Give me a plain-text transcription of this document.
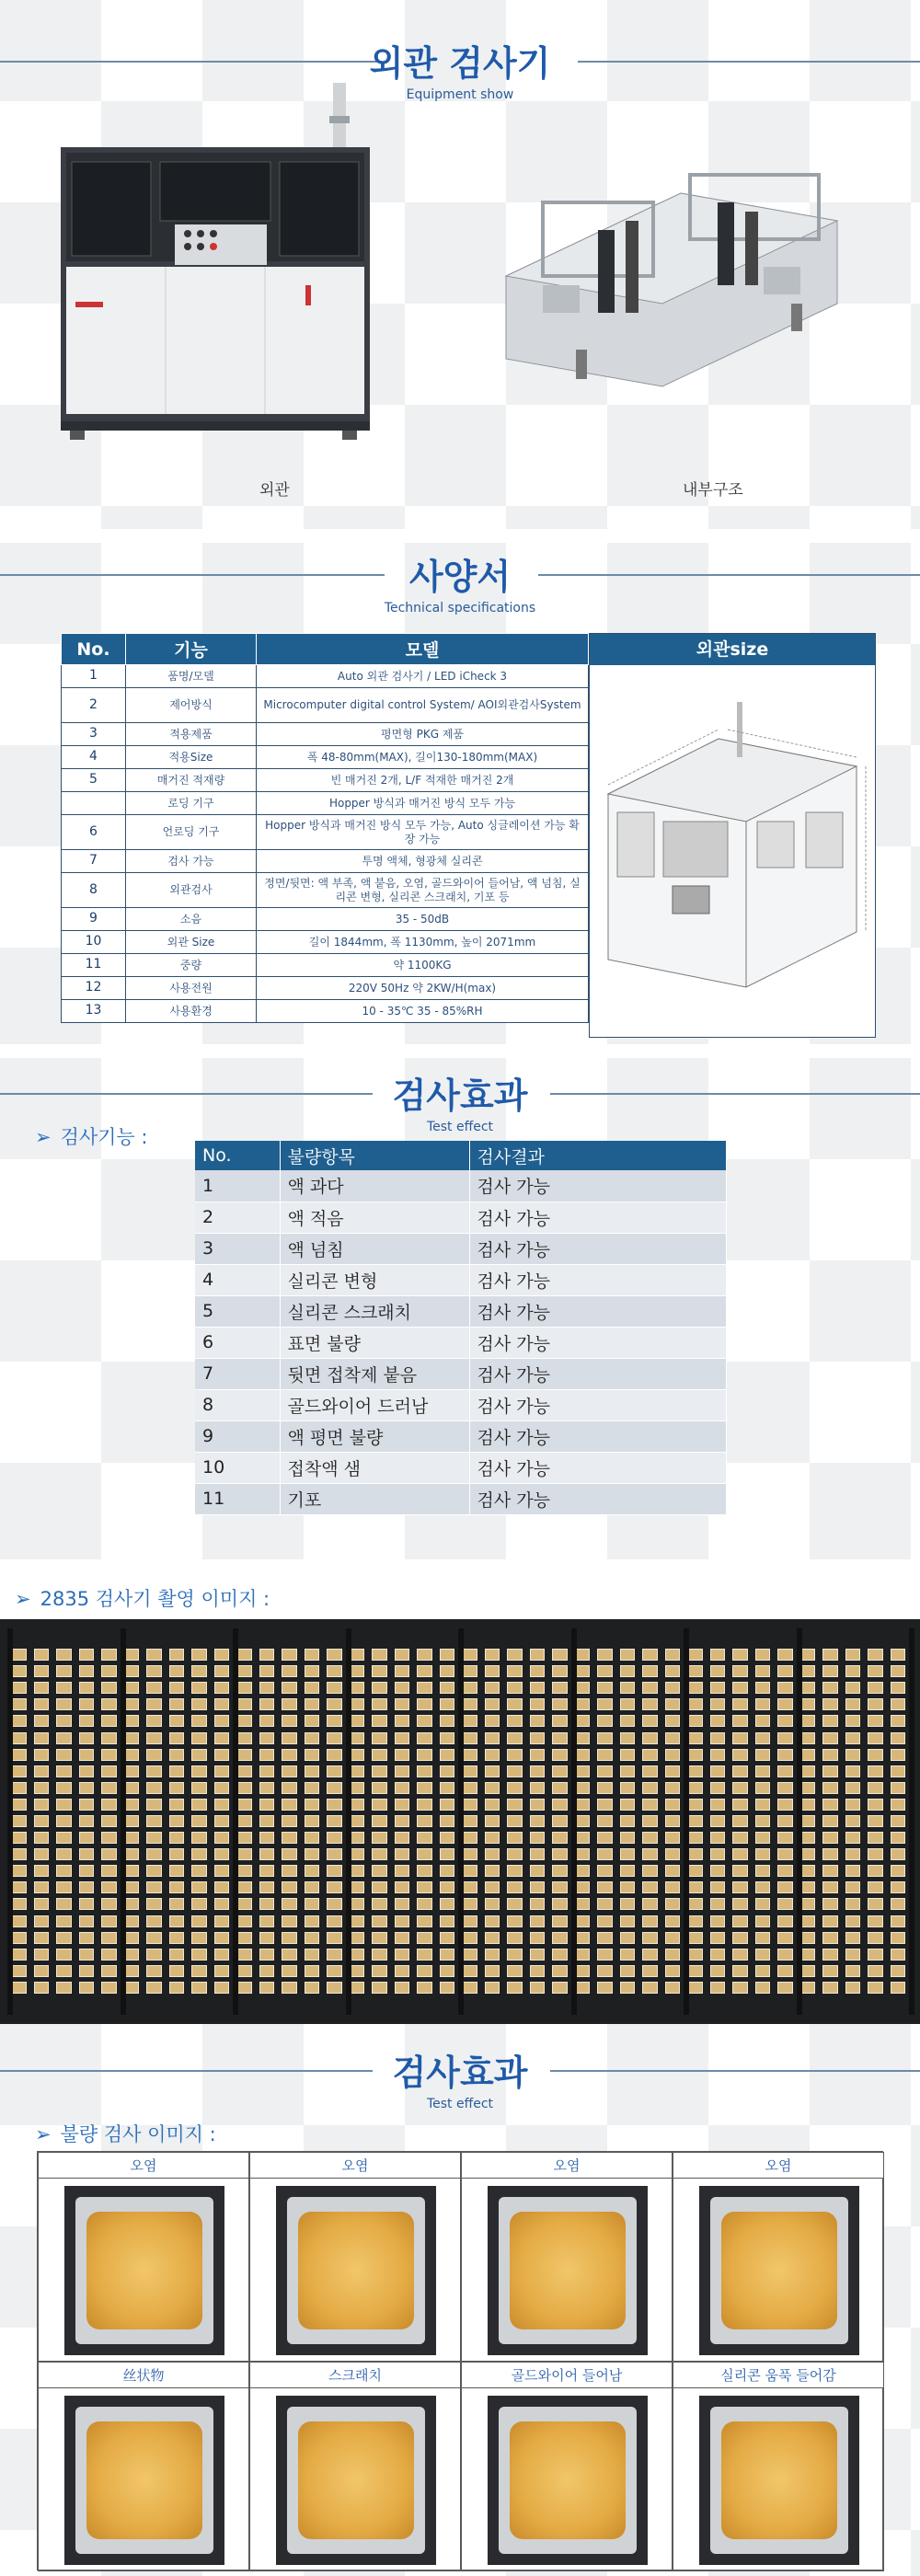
외관 검사기
Equipment show
외관	내부구조
사양서
Technical specifications
No.	기능	모델
1	품명/모델	Auto 외관 검사기 / LED iCheck 3
2	제어방식	Microcomputer digital control System/ AOI외관검사System
3	적용제품	평면형 PKG 제품
4	적용Size	폭 48-80mm(MAX), 길이130-180mm(MAX)
5	매거진 적재량	빈 매거진 2개, L/F 적재한 매거진 2개
	로딩 기구	Hopper 방식과 매거진 방식 모두 가능
6	언로딩 기구	Hopper 방식과 매거진 방식 모두 가능, Auto 싱글레이션 가능 확장 가능
7	검사 가능	투명 액체, 형광체 실리콘
8	외관검사	정면/뒷면: 액 부족, 액 붙음, 오염, 골드와이어 들어남, 액 넘침, 실리콘 변형, 실리콘 스크래치, 기포 등
9	소음	35 - 50dB
10	외관 Size	길이 1844mm, 폭 1130mm, 높이 2071mm
11	중량	약 1100KG
12	사용전원	220V 50Hz 약 2KW/H(max)
13	사용환경	10 - 35℃ 35 - 85%RH
외관size
검사효과
Test effect
➢ 검사기능 :
No.	불량항목	검사결과
1	액 과다	검사 가능
2	액 적음	검사 가능
3	액 넘침	검사 가능
4	실리콘 변형	검사 가능
5	실리콘 스크래치	검사 가능
6	표면 불량	검사 가능
7	뒷면 접착제 붙음	검사 가능
8	골드와이어 드러남	검사 가능
9	액 평면 불량	검사 가능
10	접착액 샘	검사 가능
11	기포	검사 가능
➢ 2835 검사기 촬영 이미지 :
검사효과
Test effect
➢ 불량 검사 이미지 :
오염	오염	오염	오염
丝状物	스크래치	골드와이어 들어남	실리콘 움푹 들어감
